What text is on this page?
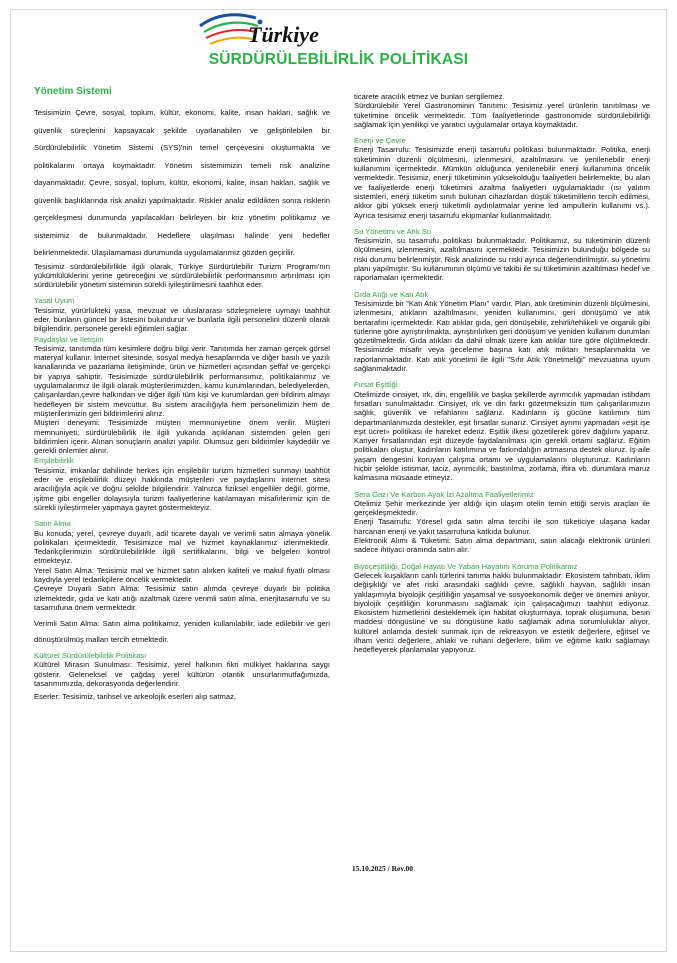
Türkiye
SÜRDÜRÜLEBİLİRLİK POLİTİKASI
Yönetim Sistemi

Tesisimizin Çevre, sosyal, toplum, kültür, ekonomi, kalite, insan hakları, sağlık ve güvenlik süreçlerini kapsayacak şekilde uyarlanabilen ve geliştirilebilen bir Sürdürülebilirlik Yönetim Sistemi (SYS)'nin temel çerçevesini oluşturmakta ve politikalarını ortaya koymaktadır. Yönetim sistemimizin temeli risk analizine dayanmaktadır. Çevre, sosyal, toplum, kültür, ekonomi, kalite, insan hakları, sağlık ve güvenlik başlıklarında risk analizi yapılmaktadır. Riskler analiz edildikten sonra risklerin gerçekleşmesi durumunda yapılacakları belirleyen bir kriz yönetim politikamız ve sistemimiz de bulunmaktadır. Hedeflere ulaşılması halinde yeni hedefler belirlenmektedir. Ulaşılamaması durumunda uygulamalarımız gözden geçirilir.

Tesisimiz sürdürülebilirlikle ilgili olarak, Türkiye Sürdürülebilir Turizm Programı'nın yükümlülüklerini yerine getireceğini ve sürdürülebilirlik performansının artırılması için sürdürülebilir yönetim sisteminin sürekli iyileştirilmesini taahhüt eder.

Yasal Uyum

Tesisimiz, yürürlükteki yasa, mevzuat ve uluslararası sözleşmelere uymayı taahhüt eder, bunların güncel bir listesini bulundurur ve bunlarla ilgili personelini düzenli olarak bilgilendirir, personele gerekli eğitimleri sağlar.

Paydaşlar ve İletişim

Tesisimiz, tanıtımda tüm kesimlere doğru bilgi verir. Tanıtımda her zaman gerçek görsel materyal kullanır. İnternet sitesinde, sosyal medya hesaplarında ve diğer basılı ve yazılı kanallarında ve pazarlama iletişiminde, ürün ve hizmetleri açısından şeffaf ve gerçekçi bir yapıya sahiptir. Tesisimizde sürdürülebilirlik performansımız, politikalarımız ve uygulamalarımız ile ilgili olarak müşterilerimizden, kamu kurumlarından, belediyelerden, çalışanlardan,çevre halkından ve diğer ilgili tüm kişi ve kurumlardan geri bildirim almayı hedefleyen bir sistem mevcuttur. Bu sistem aracılığıyla hem personelimizin hem de müşterilerimizin geri bildirimlerini alırız.

Müşteri deneyimi: Tesisimizde müşteri memnuniyetine önem verilir. Müşteri memnuniyeti, sürdürülebilirlik ile ilgili yukarıda açıklanan sistemden gelen geri bildirimleri içerir. Alınan sonuçların analizi yapılır. Olumsuz geri bildirimler kaydedilir ve gerekli önlemler alınır.

Erişilebilirlik

Tesisimiz, imkanlar dahilinde herkes için erişilebilir turizm hizmetleri sunmayı taahhüt eder ve erişilebilirlik düzeyi hakkında müşterileri ve paydaşlarını internet sitesi aracılığıyla açık ve doğru şekilde bilgilendirir. Yalnızca fiziksel engelliler değil, görme, işitme gibi engeller dolayısıyla turizm faaliyetlerine katılamayan misafirlerimiz için de sürekli iyileştirmeler yapmaya gayret göstermekteyiz.

Satın Alma

Bu konuda; yerel, çevreye duyarlı, adil ticarete dayalı ve verimli satın almaya yönelik politikaları içermektedir. Tesisimizce mal ve hizmet kaynaklarımız izlenmektedir. Tedarikçilerimizin sürdürülebilirlikle ilgili sertifikalarını, bilgi ve belgeleri kontrol etmekteyiz.

Yerel Satın Alma: Tesisimiz mal ve hizmet satın alırken kaliteli ve makul fiyatlı olması kaydıyla yerel tedarikçilere öncelik vermektedir.

Çevreye Duyarlı Satın Alma: Tesisimiz satın alımda çevreye duyarlı bir politika izlemektedir, gıda ve katı atığı azaltmak üzere verimli satın alma, enerjitasarrufu ve su tasarrufuna önem vermektedir.

Verimli Satın Alma: Satın alma politikamız, yeniden kullanılabilir, iade edilebilir ve geri dönüştürülmüş malları tercih etmektedir.

Kültürel Sürdürülebilirlik Politikası

Kültürel Mirasın Sunulması: Tesisimiz, yerel halkının fikri mülkiyet haklarına saygı gösterir. Geleneksel ve çağdaş yerel kültürün otantik unsurlarımutfağımızda, tasarımımızda, dekorasyonda değerlendirir.

Eserler: Tesisimiz, tarihsel ve arkeolojik eserleri alıp satmaz,

ticarete aracılık etmez ve bunları sergilemez.

Sürdürülebilir Yerel Gastronominin Tanıtımı: Tesisimiz yerel ürünlerin tanıtılması ve tüketimine öncelik vermektedir. Tüm faaliyetlerinde gastronomide sürdürülebilirliği sağlamak için yenilikçi ve yaratıcı uygulamalar ortaya koymaktadır.

Enerji ve Çevre

Enerji Tasarrufu: Tesisimizde enerji tasarrufu politikası bulunmaktadır. Politika, enerji tüketiminin düzenli ölçülmesini, izlenmesini, azaltılmasını ve yenilenebilir enerji kullanımını içermektedir. Mümkün olduğunca yenilenebilir enerji kullanımına öncelik vermektedir. Tesisimiz, enerji tüketiminin yüksekolduğu faaliyetleri belirlemekte, bu alan ve faaliyetlerde enerji tüketimini azaltma faaliyetleri uygulamaktadır (ısı yalıtım sistemleri, enerji tüketim sınıfı bulunan cihazlardan düşük tüketimlilerin tercih edilmesi, akkor gibi yüksek enerji tüketimli aydınlatmalar yerine led ampullerin kullanımı vs.). Ayrıca tesisimiz enerji tasarrufu ekipmanlar kullanmaktadır.

Su Yönetimi ve Atık Su

Tesisimizin, su tasarrufu politikası bulunmaktadır. Politikamız, su tüketiminin düzenli ölçülmesini, izlenmesini, azaltılmasını içermektedir. Tesisimizin bulunduğu bölgede su riski durumu belirlenmiştir. Risk analizinde su riski ayrıca değerlendirilmiştir, su yönetimi planı yapılmıştır. Su kullanımının ölçümü ve takibi ile su tüketiminin azaltılması hedef ve raporlamaları içermektedir.

Gıda Atığı ve Katı Atık

Tesisimizde bir "Katı Atık Yönetim Planı" vardır. Plan, atık üretiminin düzenli ölçülmesini, izlenmesini, atıkların azaltılmasını, yeniden kullanımını, geri dönüşümü ve atık bertarafını içermektedir. Katı atıklar gıda, geri dönüşebilir, zehirli/tehlikeli ve organik gibi türlerine göre ayrıştırılmakta, ayrıştırılırken geri dönüşüm ve yeniden kullanım durumları gözetilmektedir. Gıda atıkları da dahil olmak üzere katı atıklar türe göre ölçülmektedir. Tesisimizde misafir veya geceleme başına katı atık miktarı hesaplanmakta ve raporlanmaktadır. Katı atık yönetimi ile ilgili "Sıfır Atık Yönetmeliği" mevzuatına uyum sağlanmaktadır.

Fırsat Eşitliği

Otelimizde cinsiyet, ırk, din, engellilik ve başka şekillerde ayrımcılık yapmadan istihdam fırsatları sunulmaktadır. Cinsiyet, ırk ve din farkı gözetmeksizin tüm çalışanlarımızın sağlık, güvenlik ve refahlarını sağlarız. Kadınların iş gücüne katılımını tüm departmanlarımızda destekler, eşit fırsatlar sunarız. Cinsiyet ayrımı yapmadan «eşit işe eşit ücret» politikası ile hareket ederiz. Eşitlik ilkesi gözetilerek görev dağılımı yaparız. Kariyer fırsatlarından eşit düzeyde faydalanılması için gerekli ortamı sağlarız. Eğitim politikaları oluştur, kadınların katılımına ve farkındalığın artmasına destek oluruz. İş-aile yaşam dengesini koruyan çalışma ortamı ve uygulamalarını oluştururuz. Kadınların hiçbir şekilde istismar, taciz, ayrımcılık, bastırılma, zorlama, iftira vb. durumlara maruz kalmasına müsaade etmeyiz.

Sera Gazı Ve Karbon Ayak İzi Azaltma Faaliyetlerimiz

Otelimiz Şehir merkezinde yer aldığı için ulaşım otelin temin ettiği servis araçları ile gerçekleşmektedir.

Enerji Tasarrufu: Yöresel gıda satın alma tercihi ile son tüketiciye ulaşana kadar harcanan enerji ve yakıt tasarrufuna katkıda bulunur.

Elektronik Alımı & Tüketimi: Satın alma departmanı, satın alacağı elektronik ürünleri sadece ihtiyacı oranında satın alır.

Biyoçeşitliliği, Doğal Hayatı Ve Yaban Hayatını Koruma Politikamız

Gelecek kuşakların canlı türlerini tanıma hakkı bulunmaktadır. Ekosistem tahribatı, iklim değişikliği ve afet riski arasındaki sağlıklı çevre, sağlıklı hayvan, sağlıklı insan yaklaşımıyla biyolojik çeşitliliğin yaşamsal ve sosyoekonomik değer ve önemini anlıyor, biyolojik çeşitliliğin korunmasını sağlamak için çalışacağımızı taahhüt ediyoruz. Ekosistem hizmetlerini desteklemek için habitat oluşturmaya, toprak oluşumuna, besin maddesi döngüsüne ve su döngüsüne katkı sağlamak adına sorumluluklar alıyor, kültürel anlamda destek sunmak için de rekreasyon ve estetik değerlere, eğitsel ve ilham verici değerlere, ahlaki ve ruhani değerlere, bilim ve eğitime katkı sağlamayı hedefleyerek planlamalar yapıyoruz.

15.10.2025 / Rev.00
